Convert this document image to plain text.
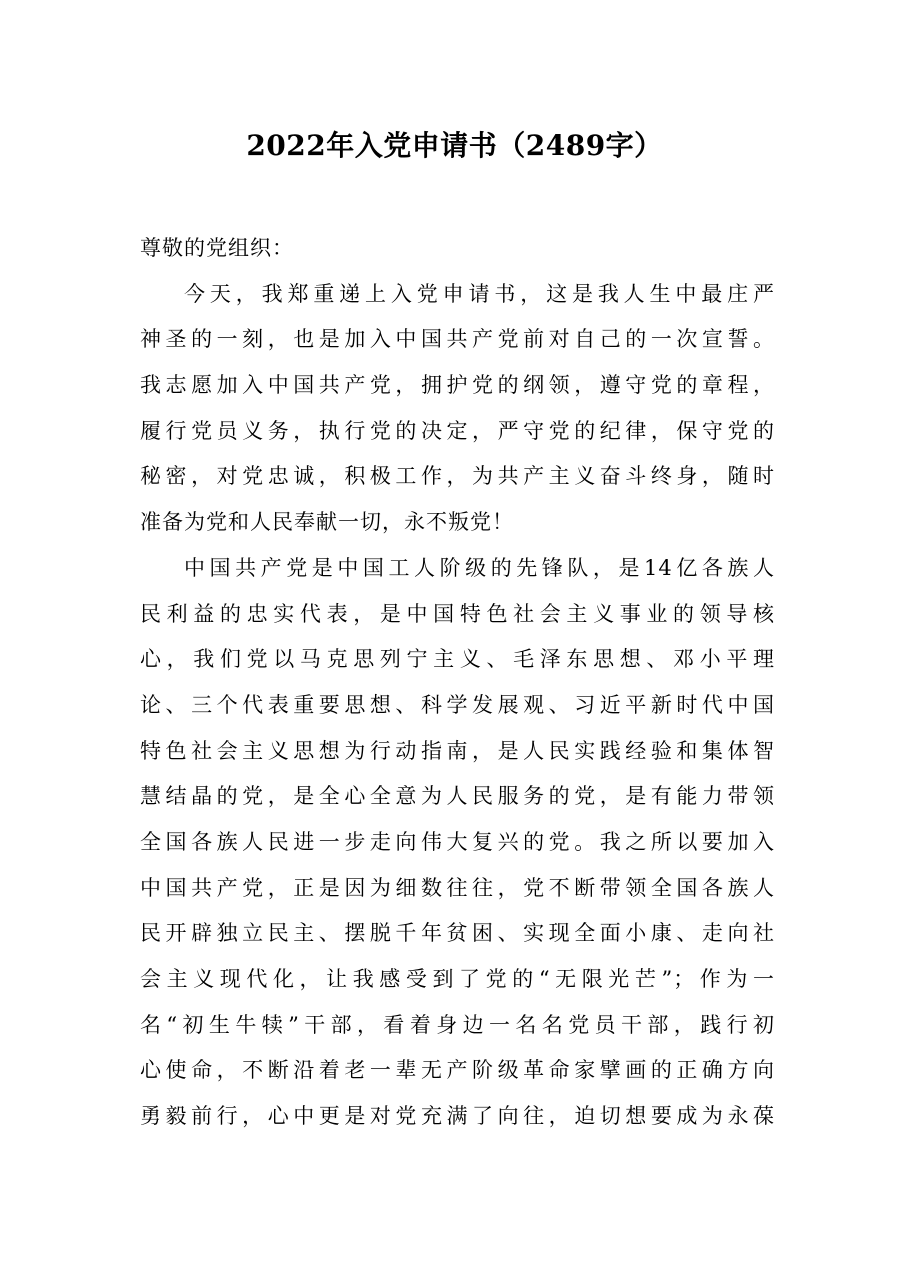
2022年入党申请书（2489字）
尊敬的党组织：
今天，我郑重递上入党申请书，这是我人生中最庄严
神圣的一刻，也是加入中国共产党前对自己的一次宣誓。
我志愿加入中国共产党，拥护党的纲领，遵守党的章程，
履行党员义务，执行党的决定，严守党的纪律，保守党的
秘密，对党忠诚，积极工作，为共产主义奋斗终身，随时
准备为党和人民奉献一切，永不叛党！
中国共产党是中国工人阶级的先锋队，是14亿各族人
民利益的忠实代表，是中国特色社会主义事业的领导核
心，我们党以马克思列宁主义、毛泽东思想、邓小平理
论、三个代表重要思想、科学发展观、习近平新时代中国
特色社会主义思想为行动指南，是人民实践经验和集体智
慧结晶的党，是全心全意为人民服务的党，是有能力带领
全国各族人民进一步走向伟大复兴的党。我之所以要加入
中国共产党，正是因为细数往往，党不断带领全国各族人
民开辟独立民主、摆脱千年贫困、实现全面小康、走向社
会主义现代化，让我感受到了党的“无限光芒”；作为一
名“初生牛犊”干部，看着身边一名名党员干部，践行初
心使命，不断沿着老一辈无产阶级革命家擘画的正确方向
勇毅前行，心中更是对党充满了向往，迫切想要成为永葆
